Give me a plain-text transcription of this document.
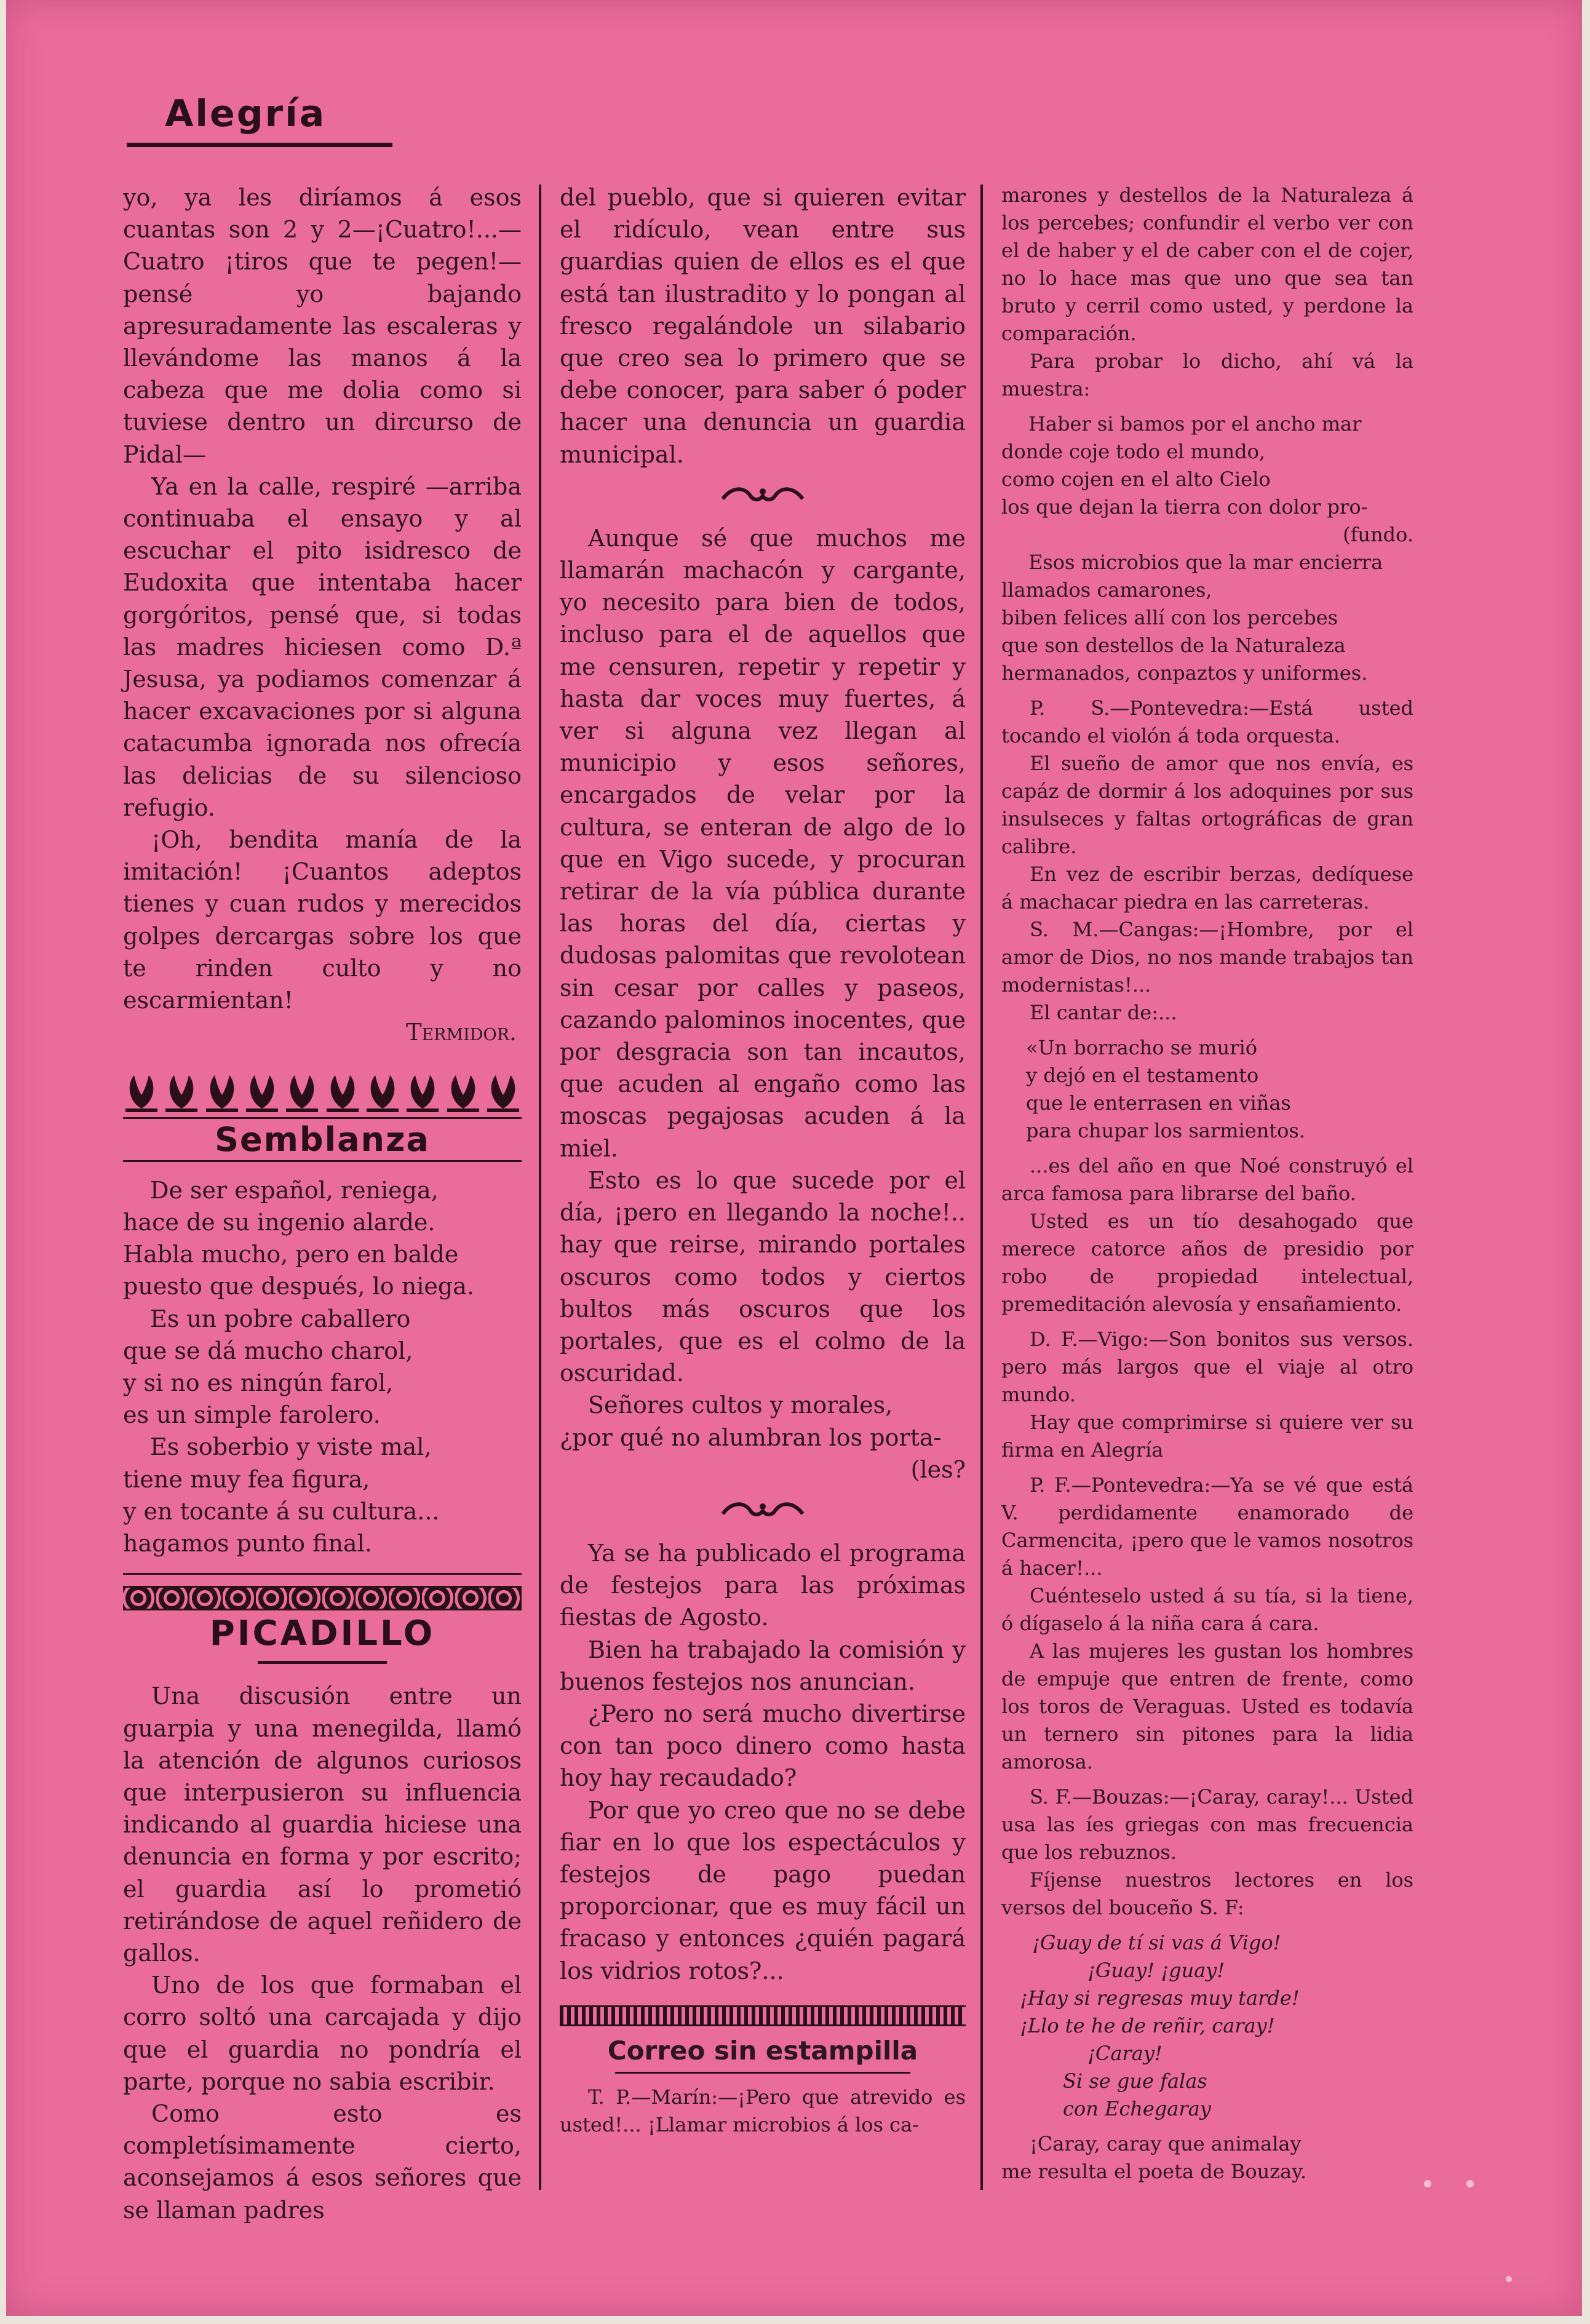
Alegría

yo, ya les diríamos á esos cuantas son 2 y 2—¡Cuatro!...—Cuatro ¡tiros que te pegen!—pensé yo bajando apresuradamente las escaleras y llevándome las manos á la cabeza que me dolia como si tuviese dentro un dircurso de Pidal—

Ya en la calle, respiré —arriba continuaba el ensayo y al escuchar el pito isidresco de Eudoxita que intentaba hacer gorgóritos, pensé que, si todas las madres hiciesen como D.ª Jesusa, ya podiamos comenzar á hacer excavaciones por si alguna catacumba ignorada nos ofrecía las delicias de su silencioso refugio.

¡Oh, bendita manía de la imitación! ¡Cuantos adeptos tienes y cuan rudos y merecidos golpes dercargas sobre los que te rinden culto y no escarmientan!

Termidor.

Semblanza
De ser español, reniega,
hace de su ingenio alarde.
Habla mucho, pero en balde
puesto que después, lo niega.
Es un pobre caballero
que se dá mucho charol,
y si no es ningún farol,
es un simple farolero.
Es soberbio y viste mal,
tiene muy fea figura,
y en tocante á su cultura...
hagamos punto final.
PICADILLO

Una discusión entre un guarpia y una menegilda, llamó la atención de algunos curiosos que interpusieron su influencia indicando al guardia hiciese una denuncia en forma y por escrito; el guardia así lo prometió retirándose de aquel reñidero de gallos.

Uno de los que formaban el corro soltó una carcajada y dijo que el guardia no pondría el parte, porque no sabia escribir.

Como esto es completísimamente cierto, aconsejamos á esos señores que se llaman padres

del pueblo, que si quieren evitar el ridículo, vean entre sus guardias quien de ellos es el que está tan ilustradito y lo pongan al fresco regalándole un silabario que creo sea lo primero que se debe conocer, para saber ó poder hacer una denuncia un guardia municipal.

Aunque sé que muchos me llamarán machacón y cargante, yo necesito para bien de todos, incluso para el de aquellos que me censuren, repetir y repetir y hasta dar voces muy fuertes, á ver si alguna vez llegan al municipio y esos señores, encargados de velar por la cultura, se enteran de algo de lo que en Vigo sucede, y procuran retirar de la vía pública durante las horas del día, ciertas y dudosas palomitas que revolotean sin cesar por calles y paseos, cazando palominos inocentes, que por desgracia son tan incautos, que acuden al engaño como las moscas pegajosas acuden á la miel.

Esto es lo que sucede por el día, ¡pero en llegando la noche!.. hay que reirse, mirando portales oscuros como todos y ciertos bultos más oscuros que los portales, que es el colmo de la oscuridad.

Señores cultos y morales,

¿por qué no alumbran los porta-

(les?

Ya se ha publicado el programa de festejos para las próximas fiestas de Agosto.

Bien ha trabajado la comisión y buenos festejos nos anuncian.

¿Pero no será mucho divertirse con tan poco dinero como hasta hoy hay recaudado?

Por que yo creo que no se debe fiar en lo que los espectáculos y festejos de pago puedan proporcionar, que es muy fácil un fracaso y entonces ¿quién pagará los vidrios rotos?...

Correo sin estampilla

T. P.—Marín:—¡Pero que atrevido es usted!... ¡Llamar microbios á los ca-

marones y destellos de la Naturaleza á los percebes; confundir el verbo ver con el de haber y el de caber con el de cojer, no lo hace mas que uno que sea tan bruto y cerril como usted, y perdone la comparación.

Para probar lo dicho, ahí vá la muestra:

Haber si bamos por el ancho mar
donde coje todo el mundo,
como cojen en el alto Cielo
los que dejan la tierra con dolor pro-
(fundo.
Esos microbios que la mar encierra
llamados camarones,
biben felices allí con los percebes
que son destellos de la Naturaleza
hermanados, conpaztos y uniformes.

P. S.—Pontevedra:—Está usted tocando el violón á toda orquesta.

El sueño de amor que nos envía, es capáz de dormir á los adoquines por sus insulseces y faltas ortográficas de gran calibre.

En vez de escribir berzas, dedíquese á machacar piedra en las carreteras.

S. M.—Cangas:—¡Hombre, por el amor de Dios, no nos mande trabajos tan modernistas!...

El cantar de:...

«Un borracho se murió
y dejó en el testamento
que le enterrasen en viñas
para chupar los sarmientos.

...es del año en que Noé construyó el arca famosa para librarse del baño.

Usted es un tío desahogado que merece catorce años de presidio por robo de propiedad intelectual, premeditación alevosía y ensañamiento.

D. F.—Vigo:—Son bonitos sus versos. pero más largos que el viaje al otro mundo.

Hay que comprimirse si quiere ver su firma en Alegría

P. F.—Pontevedra:—Ya se vé que está V. perdidamente enamorado de Carmencita, ¡pero que le vamos nosotros á hacer!...

Cuénteselo usted á su tía, si la tiene, ó dígaselo á la niña cara á cara.

A las mujeres les gustan los hombres de empuje que entren de frente, como los toros de Veraguas. Usted es todavía un ternero sin pitones para la lidia amorosa.

S. F.—Bouzas:—¡Caray, caray!... Usted usa las íes griegas con mas frecuencia que los rebuznos.

Fíjense nuestros lectores en los versos del bouceño S. F:

¡Guay de tí si vas á Vigo!
¡Guay! ¡guay!
¡Hay si regresas muy tarde!
¡Llo te he de reñir, caray!
¡Caray!
Si se gue falas
con Echegaray

¡Caray, caray que animalay

me resulta el poeta de Bouzay.
